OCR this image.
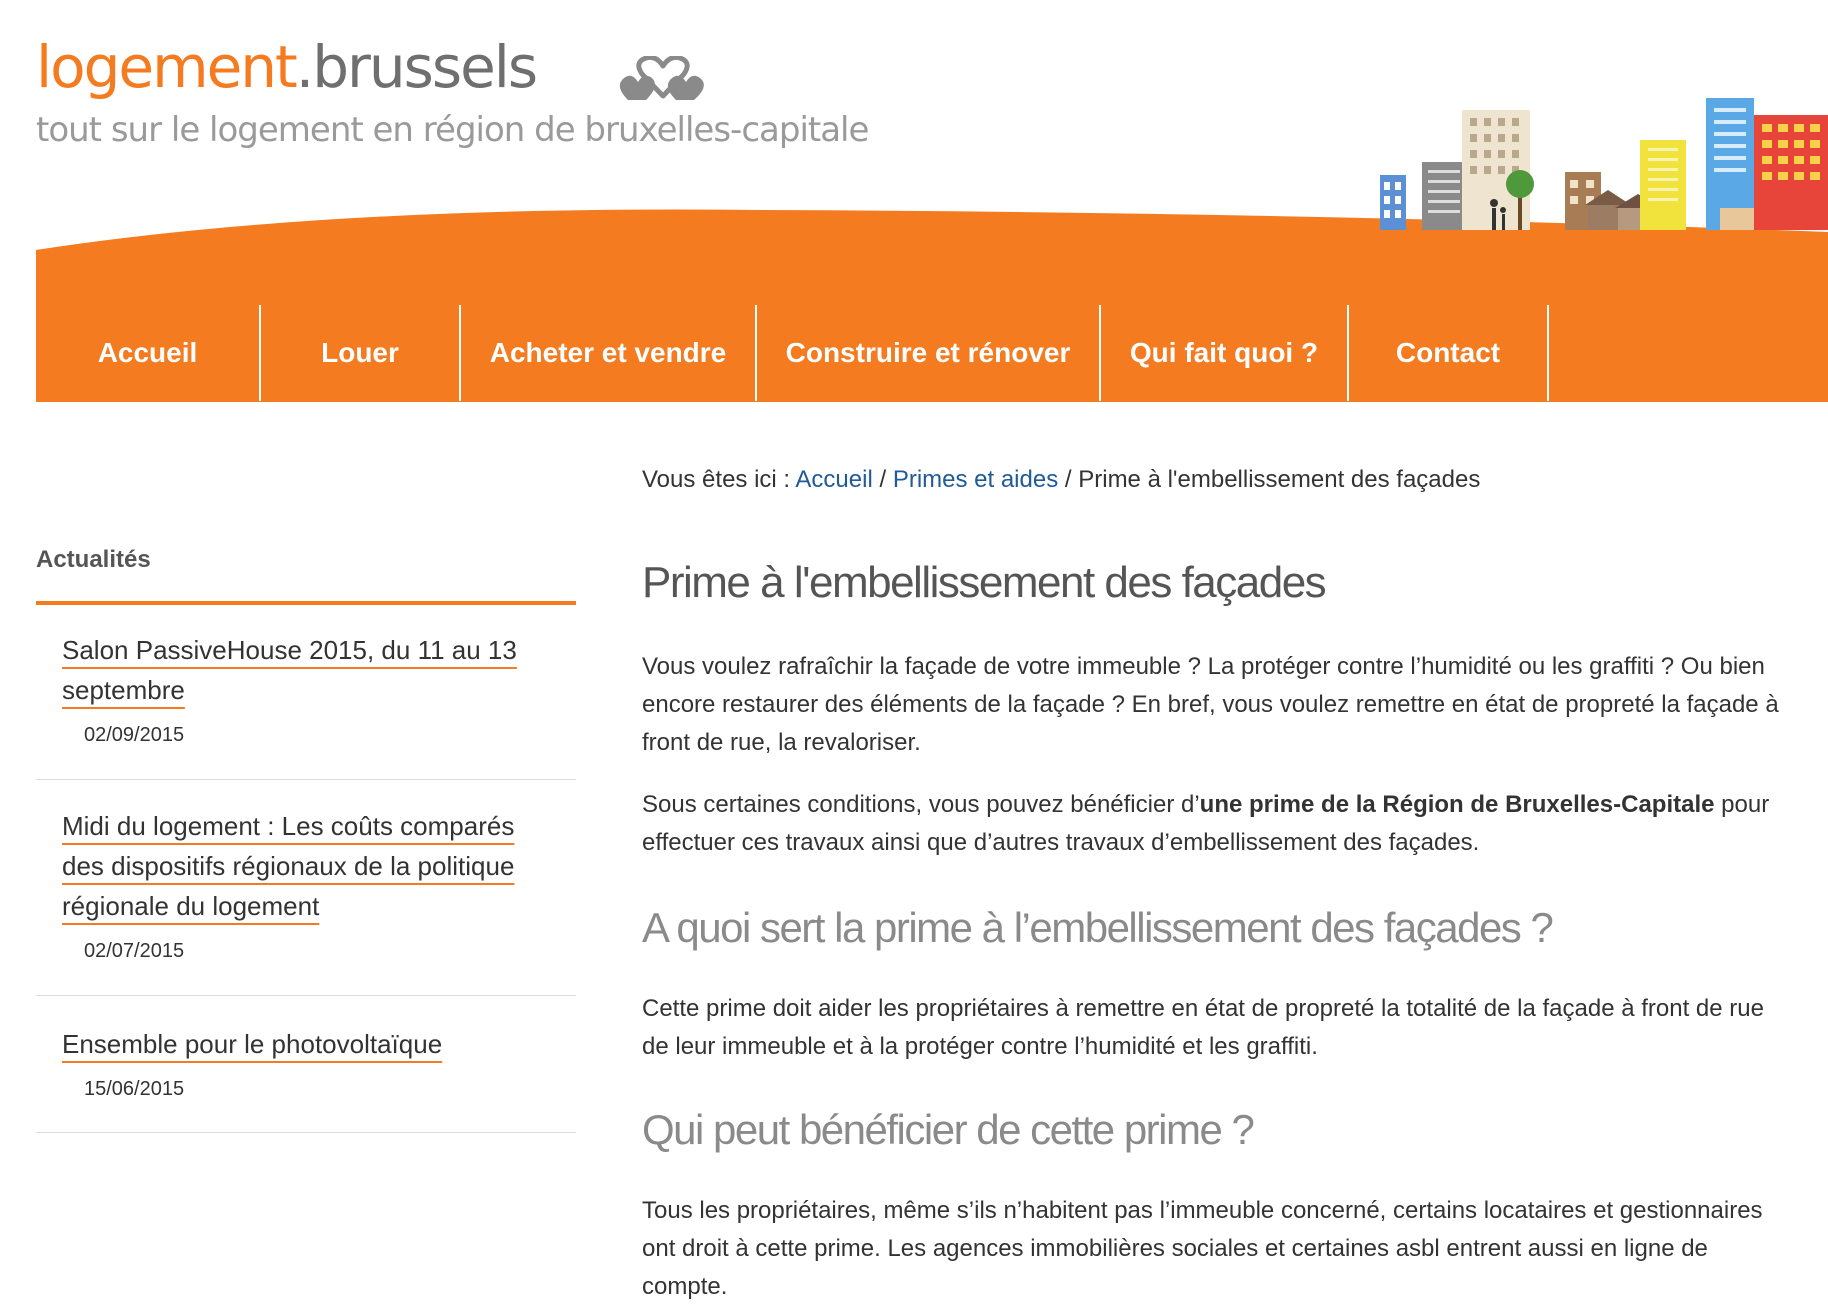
logement.brussels
tout sur le logement en région de bruxelles-capitale
Accueil	Louer	Acheter et vendre	Construire et rénover	Qui fait quoi ?	Contact
Vous êtes ici : Accueil / Primes et aides / Prime à l'embellissement des façades
Actualités
Salon PassiveHouse 2015, du 11 au 13 septembre
02/09/2015
Midi du logement : Les coûts comparés des dispositifs régionaux de la politique régionale du logement
02/07/2015
Ensemble pour le photovoltaïque
15/06/2015
Prime à l'embellissement des façades

Vous voulez rafraîchir la façade de votre immeuble ? La protéger contre l’humidité ou les graffiti ? Ou bien encore restaurer des éléments de la façade ? En bref, vous voulez remettre en état de propreté la façade à front de rue, la revaloriser.

Sous certaines conditions, vous pouvez bénéficier d’une prime de la Région de Bruxelles-Capitale pour effectuer ces travaux ainsi que d’autres travaux d’embellissement des façades.

A quoi sert la prime à l’embellissement des façades ?

Cette prime doit aider les propriétaires à remettre en état de propreté la totalité de la façade à front de rue de leur immeuble et à la protéger contre l’humidité et les graffiti.

Qui peut bénéficier de cette prime ?

Tous les propriétaires, même s’ils n’habitent pas l’immeuble concerné, certains locataires et gestionnaires ont droit à cette prime. Les agences immobilières sociales et certaines asbl entrent aussi en ligne de compte.
